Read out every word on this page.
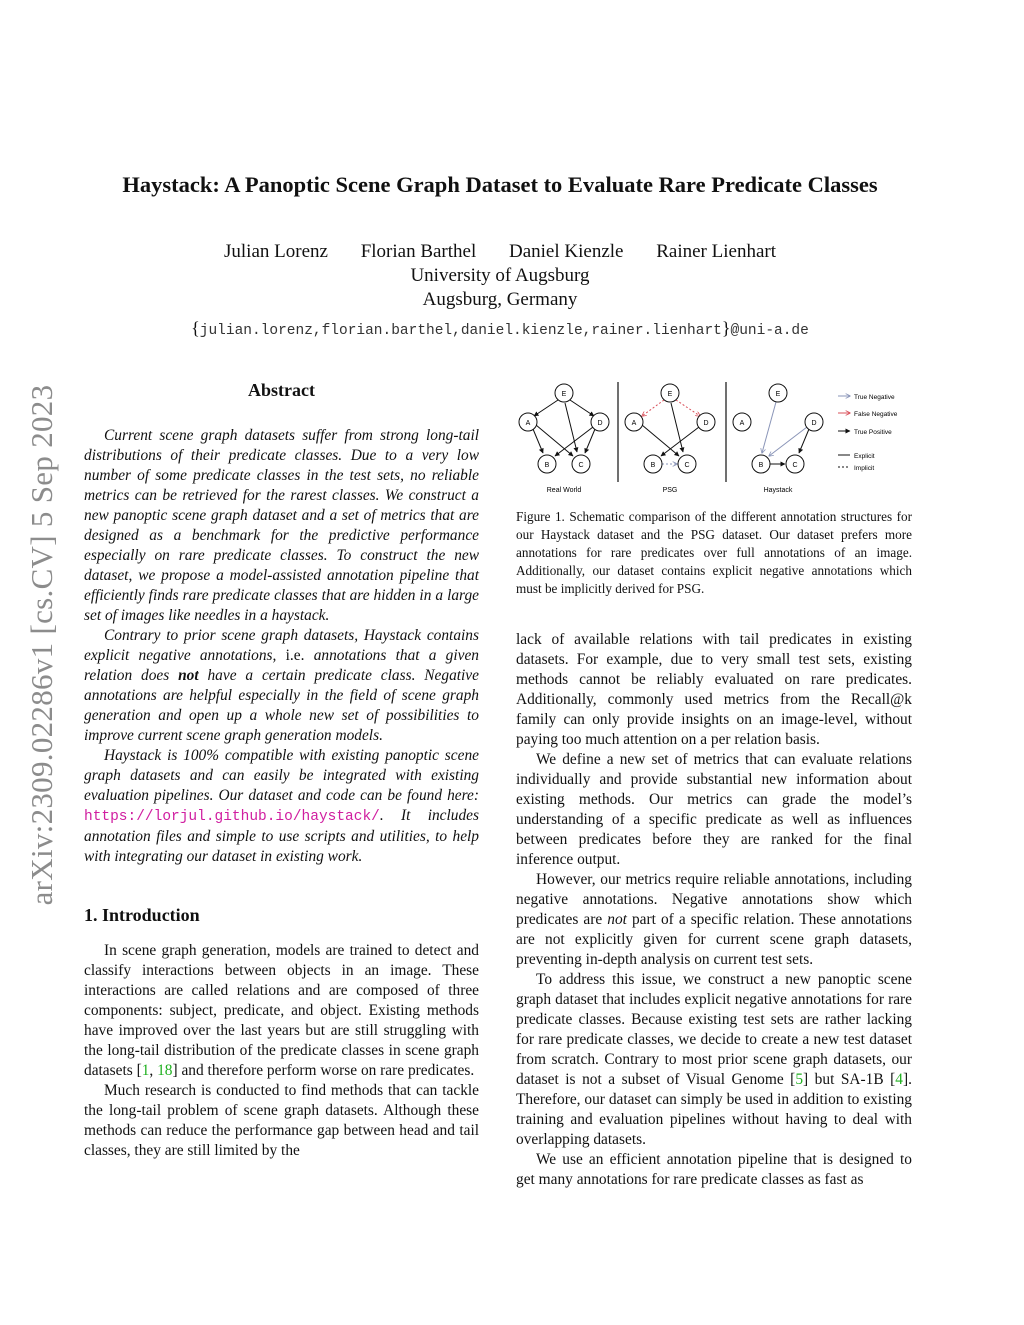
arXiv:2309.02286v1 [cs.CV] 5 Sep 2023
Haystack: A Panoptic Scene Graph Dataset to Evaluate Rare Predicate Classes
Julian Lorenz Florian Barthel Daniel Kienzle Rainer Lienhart
University of Augsburg
Augsburg, Germany
{julian.lorenz,florian.barthel,daniel.kienzle,rainer.lienhart}@uni-a.de
Abstract

Current scene graph datasets suffer from strong long-tail distributions of their predicate classes. Due to a very low number of some predicate classes in the test sets, no reliable metrics can be retrieved for the rarest classes. We construct a new panoptic scene graph dataset and a set of metrics that are designed as a benchmark for the predictive performance especially on rare predicate classes. To construct the new dataset, we propose a model-assisted annotation pipeline that efficiently finds rare predicate classes that are hidden in a large set of images like needles in a haystack.

Contrary to prior scene graph datasets, Haystack contains explicit negative annotations, i.e. annotations that a given relation does not have a certain predicate class. Negative annotations are helpful especially in the field of scene graph generation and open up a whole new set of possibilities to improve current scene graph generation models.

Haystack is 100% compatible with existing panoptic scene graph datasets and can easily be integrated with existing evaluation pipelines. Our dataset and code can be found here: https://lorjul.github.io/haystack/. It includes annotation files and simple to use scripts and utilities, to help with integrating our dataset in existing work.

1. Introduction

In scene graph generation, models are trained to detect and classify interactions between objects in an image. These interactions are called relations and are composed of three components: subject, predicate, and object. Existing methods have improved over the last years but are still struggling with the long-tail distribution of the predicate classes in scene graph datasets [1, 18] and therefore perform worse on rare predicates.

Much research is conducted to find methods that can tackle the long-tail problem of scene graph datasets. Although these methods can reduce the performance gap between head and tail classes, they are still limited by the

E
A	D
B	C
Real World
E
A	D
B	C
PSG
E
A	D
B	C
Haystack
True Negative
False Negative
True Positive
Explicit
Implicit
Figure 1. Schematic comparison of the different annotation structures for our Haystack dataset and the PSG dataset. Our dataset prefers more annotations for rare predicates over full annotations of an image. Additionally, our dataset contains explicit negative annotations which must be implicitly derived for PSG.

lack of available relations with tail predicates in existing datasets. For example, due to very small test sets, existing methods cannot be reliably evaluated on rare predicates. Additionally, commonly used metrics from the Recall@k family can only provide insights on an image-level, without paying too much attention on a per relation basis.

We define a new set of metrics that can evaluate relations individually and provide substantial new information about existing methods. Our metrics can grade the model’s understanding of a specific predicate as well as influences between predicates before they are ranked for the final inference output.

However, our metrics require reliable annotations, including negative annotations. Negative annotations show which predicates are not part of a specific relation. These annotations are not explicitly given for current scene graph datasets, preventing in-depth analysis on current test sets.

To address this issue, we construct a new panoptic scene graph dataset that includes explicit negative annotations for rare predicate classes. Because existing test sets are rather lacking for rare predicate classes, we decide to create a new test dataset from scratch. Contrary to most prior scene graph datasets, our dataset is not a subset of Visual Genome [5] but SA-1B [4]. Therefore, our dataset can simply be used in addition to existing training and evaluation pipelines without having to deal with overlapping datasets.

We use an efficient annotation pipeline that is designed to get many annotations for rare predicate classes as fast as
